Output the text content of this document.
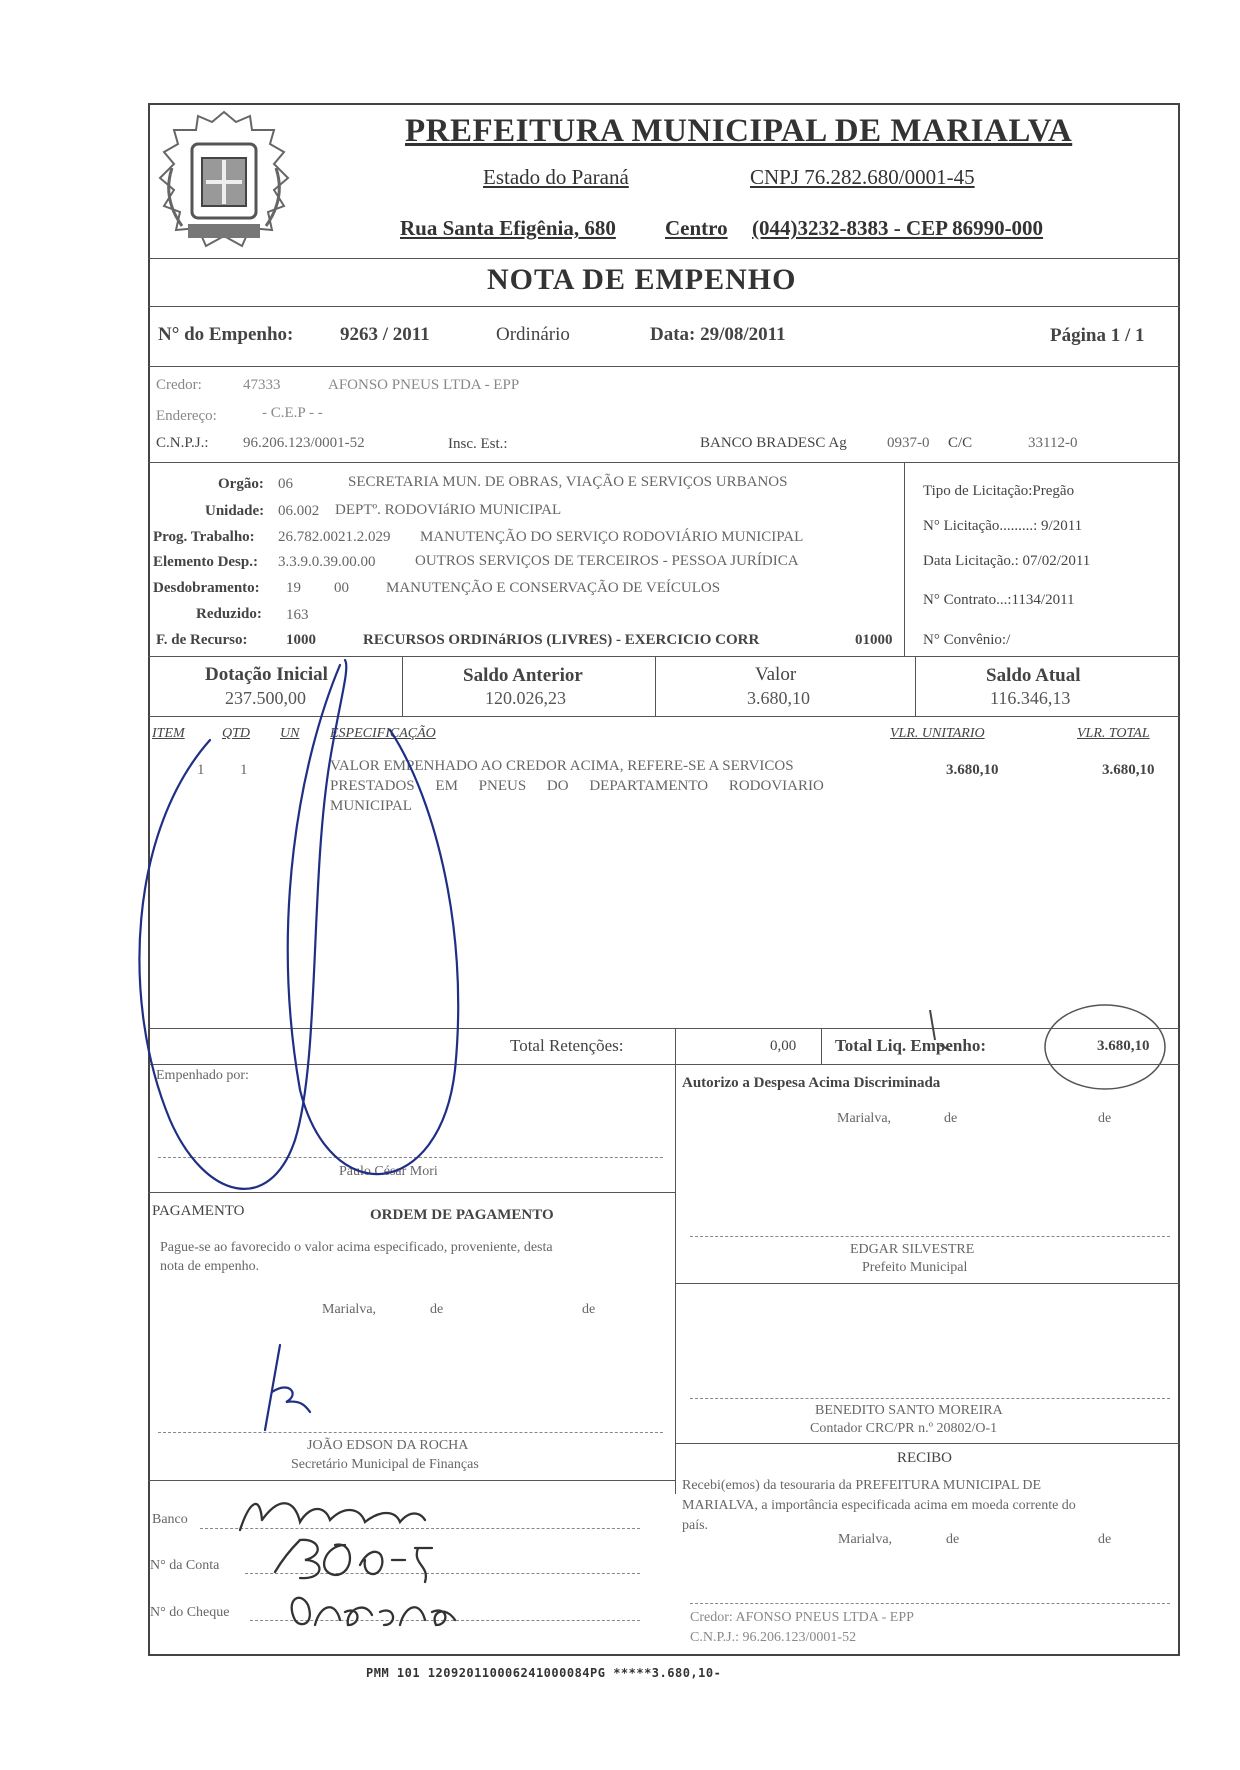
PREFEITURA MUNICIPAL DE MARIALVA
Estado do Paraná	CNPJ 76.282.680/0001-45
Rua Santa Efigênia, 680 Centro (044)3232-8383 - CEP 86990-000
NOTA DE EMPENHO
N° do Empenho: 9263 / 2011	Ordinário	Data: 29/08/2011	Página 1 / 1
Credor:	47333	AFONSO PNEUS LTDA - EPP
Endereço:	- C.E.P - -
C.N.P.J.: 96.206.123/0001-52	Insc. Est.:	BANCO BRADESC Ag	0937-0 C/C	33112-0
Orgão: 06	SECRETARIA MUN. DE OBRAS, VIAÇÃO E SERVIÇOS URBANOS
Unidade: 06.002 DEPTº. RODOVIáRIO MUNICIPAL
Prog. Trabalho: 26.782.0021.2.029 MANUTENÇÃO DO SERVIÇO RODOVIÁRIO MUNICIPAL
Elemento Desp.: 3.3.9.0.39.00.00	OUTROS SERVIÇOS DE TERCEIROS - PESSOA JURÍDICA
Desdobramento: 19 00 MANUTENÇÃO E CONSERVAÇÃO DE VEÍCULOS
Reduzido: 163
F. de Recurso:	1000	RECURSOS ORDINáRIOS (LIVRES) - EXERCICIO CORR	01000
Tipo de Licitação:Pregão
N° Licitação.........: 9/2011
Data Licitação.: 07/02/2011
N° Contrato...:1134/2011
N° Convênio:/
Dotação Inicial
237.500,00
Saldo Anterior
120.026,23
Valor
3.680,10
Saldo Atual
116.346,13
ITEM	QTD UN ESPECIFICAÇÃO	VLR. UNITARIO	VLR. TOTAL
1 1	VALOR EMPENHADO AO CREDOR ACIMA, REFERE-SE A SERVICOS
PRESTADOS EM PNEUS DO DEPARTAMENTO RODOVIARIO
MUNICIPAL
3.680,10	3.680,10
Total Retenções:	0,00 Total Liq. Empenho:	3.680,10
Empenhado por:
Paulo César Mori
Autorizo a Despesa Acima Discriminada
Marialva,	de	de
EDGAR SILVESTRE
Prefeito Municipal
PAGAMENTO	ORDEM DE PAGAMENTO
Pague-se ao favorecido o valor acima especificado, proveniente, desta
nota de empenho.
Marialva,	de	de
JOÃO EDSON DA ROCHA
Secretário Municipal de Finanças
BENEDITO SANTO MOREIRA
Contador CRC/PR n.º 20802/O-1
RECIBO
Recebi(emos) da tesouraria da PREFEITURA MUNICIPAL DE
MARIALVA, a importância especificada acima em moeda corrente do
país.
Marialva,	de	de
Credor: AFONSO PNEUS LTDA - EPP
C.N.P.J.: 96.206.123/0001-52
Banco
N° da Conta
N° do Cheque
PMM 101 120920110006241000084PG *****3.680,10-
